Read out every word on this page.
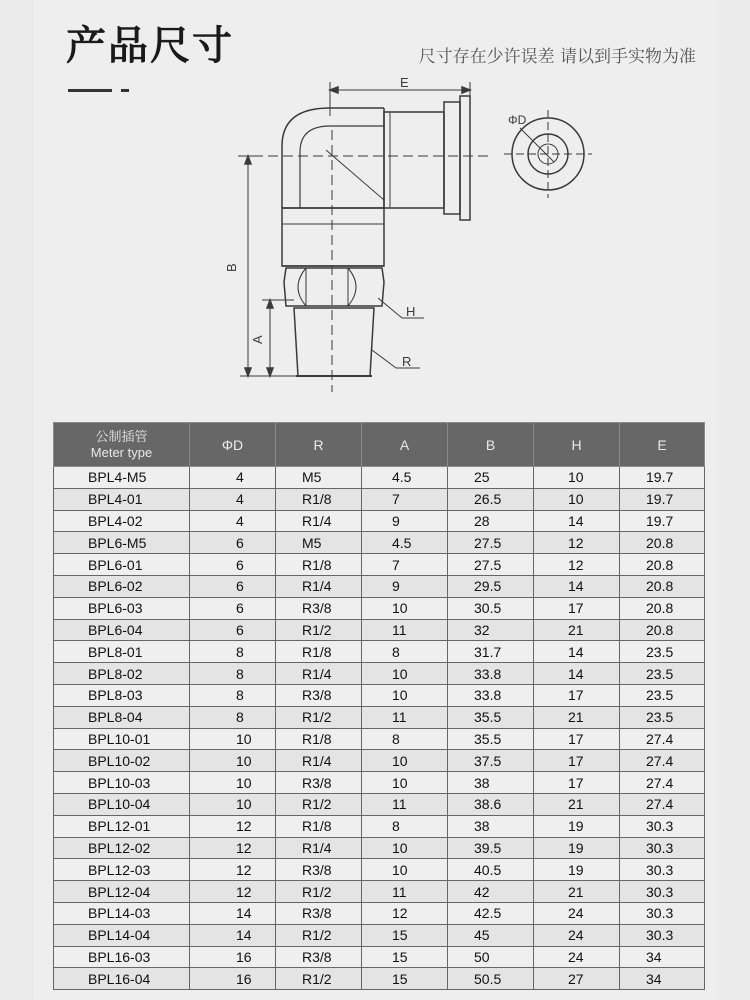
产品尺寸	尺寸存在少许误差 请以到手实物为准
E
ΦD
B
A
H
R
公制插管
Meter type	ΦD	R	A	B	H	E
BPL4-M5	4	M5	4.5	25	10	19.7
BPL4-01	4	R1/8	7	26.5	10	19.7
BPL4-02	4	R1/4	9	28	14	19.7
BPL6-M5	6	M5	4.5	27.5	12	20.8
BPL6-01	6	R1/8	7	27.5	12	20.8
BPL6-02	6	R1/4	9	29.5	14	20.8
BPL6-03	6	R3/8	10	30.5	17	20.8
BPL6-04	6	R1/2	11	32	21	20.8
BPL8-01	8	R1/8	8	31.7	14	23.5
BPL8-02	8	R1/4	10	33.8	14	23.5
BPL8-03	8	R3/8	10	33.8	17	23.5
BPL8-04	8	R1/2	11	35.5	21	23.5
BPL10-01	10	R1/8	8	35.5	17	27.4
BPL10-02	10	R1/4	10	37.5	17	27.4
BPL10-03	10	R3/8	10	38	17	27.4
BPL10-04	10	R1/2	11	38.6	21	27.4
BPL12-01	12	R1/8	8	38	19	30.3
BPL12-02	12	R1/4	10	39.5	19	30.3
BPL12-03	12	R3/8	10	40.5	19	30.3
BPL12-04	12	R1/2	11	42	21	30.3
BPL14-03	14	R3/8	12	42.5	24	30.3
BPL14-04	14	R1/2	15	45	24	30.3
BPL16-03	16	R3/8	15	50	24	34
BPL16-04	16	R1/2	15	50.5	27	34
